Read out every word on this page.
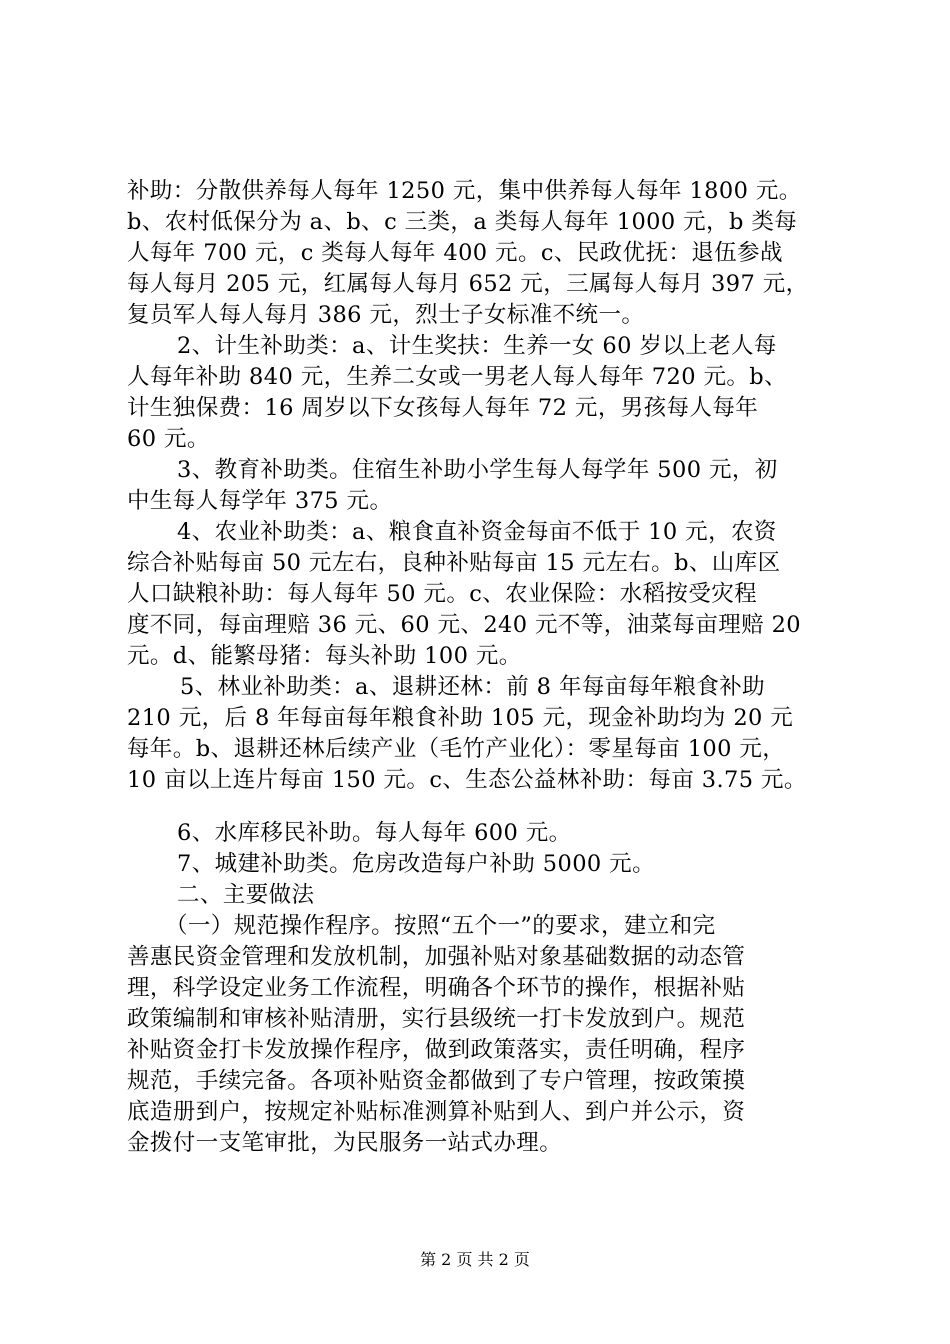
补助：分散供养每人每年 1250 元，集中供养每人每年 1800 元。
b、农村低保分为 a、b、c 三类，a 类每人每年 1000 元，b 类每
人每年 700 元，c 类每人每年 400 元。c、民政优抚：退伍参战
每人每月 205 元，红属每人每月 652 元，三属每人每月 397 元，
复员军人每人每月 386 元，烈士子女标准不统一。
2、计生补助类：a、计生奖扶：生养一女 60 岁以上老人每
人每年补助 840 元，生养二女或一男老人每人每年 720 元。b、
计生独保费：16 周岁以下女孩每人每年 72 元，男孩每人每年
60 元。
3、教育补助类。住宿生补助小学生每人每学年 500 元，初
中生每人每学年 375 元。
4、农业补助类：a、粮食直补资金每亩不低于 10 元，农资
综合补贴每亩 50 元左右，良种补贴每亩 15 元左右。b、山库区
人口缺粮补助：每人每年 50 元。c、农业保险：水稻按受灾程
度不同，每亩理赔 36 元、60 元、240 元不等，油菜每亩理赔 20
元。d、能繁母猪：每头补助 100 元。
5、林业补助类：a、退耕还林：前 8 年每亩每年粮食补助
210 元，后 8 年每亩每年粮食补助 105 元，现金补助均为 20 元
每年。b、退耕还林后续产业（毛竹产业化）：零星每亩 100 元，
10 亩以上连片每亩 150 元。c、生态公益林补助：每亩 3.75 元。
6、水库移民补助。每人每年 600 元。
7、城建补助类。危房改造每户补助 5000 元。
二、主要做法
（一）规范操作程序。按照“五个一”的要求，建立和完
善惠民资金管理和发放机制，加强补贴对象基础数据的动态管
理，科学设定业务工作流程，明确各个环节的操作，根据补贴
政策编制和审核补贴清册，实行县级统一打卡发放到户。规范
补贴资金打卡发放操作程序，做到政策落实，责任明确，程序
规范，手续完备。各项补贴资金都做到了专户管理，按政策摸
底造册到户，按规定补贴标准测算补贴到人、到户并公示，资
金拨付一支笔审批，为民服务一站式办理。
第 2 页 共 2 页
